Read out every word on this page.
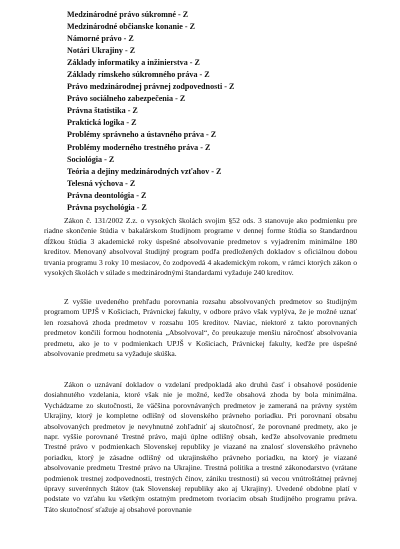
Medzinárodné právo súkromné - Z
Medzinárodné občianske konanie - Z
Námorné právo - Z
Notári Ukrajiny - Z
Základy informatiky a inžinierstva - Z
Základy rímskeho súkromného práva - Z
Právo medzinárodnej právnej zodpovednosti - Z
Právo sociálneho zabezpečenia - Z
Právna štatistika - Z
Praktická logika - Z
Problémy správneho a ústavného práva - Z
Problémy moderného trestného práva - Z
Sociológia - Z
Teória a dejiny medzinárodných vzťahov - Z
Telesná výchova - Z
Právna deontológia - Z
Právna psychológia - Z

Zákon č. 131/2002 Z.z. o vysokých školách svojim §52 ods. 3 stanovuje ako podmienku pre riadne skončenie štúdia v bakalárskom študijnom programe v dennej forme štúdia so štandardnou dĺžkou štúdia 3 akademické roky úspešné absolvovanie predmetov s vyjadrením minimálne 180 kreditov. Menovaný absolvoval študijný program podľa predložených dokladov s oficiálnou dobou trvania programu 3 roky 10 mesiacov, čo zodpovedá 4 akademickým rokom, v rámci ktorých zákon o vysokých školách v súlade s medzinárodnými štandardami vyžaduje 240 kreditov.

Z vyššie uvedeného prehľadu porovnania rozsahu absolvovaných predmetov so študijným programom UPJŠ v Košiciach, Právnickej fakulty, v odbore právo však vyplýva, že je možné uznať len rozsahová zhoda predmetov v rozsahu 105 kreditov. Naviac, niektoré z takto porovnaných predmetov končili formou hodnotenia „Absolvoval“, čo preukazuje menšiu náročnosť absolvovania predmetu, ako je to v podmienkach UPJŠ v Košiciach, Právnickej fakulty, keďže pre úspešné absolvovanie predmetu sa vyžaduje skúška.

Zákon o uznávaní dokladov o vzdelaní predpokladá ako druhú časť i obsahové posúdenie dosiahnutého vzdelania, ktoré však nie je možné, keďže obsahová zhoda by bola minimálna. Vychádzame zo skutočnosti, že väčšina porovnávaných predmetov je zameraná na právny systém Ukrajiny, ktorý je kompletne odlišný od slovenského právneho poriadku. Pri porovnaní obsahu absolvovaných predmetov je nevyhnutné zohľadniť aj skutočnosť, že porovnané predmety, ako je napr. vyššie porovnané Trestné právo, majú úplne odlišný obsah, keďže absolvovanie predmetu Trestné právo v podmienkach Slovenskej republiky je viazané na znalosť slovenského právneho poriadku, ktorý je zásadne odlišný od ukrajinského právneho poriadku, na ktorý je viazané absolvovanie predmetu Trestné právo na Ukrajine. Trestná politika a trestné zákonodarstvo (vrátane podmienok trestnej zodpovednosti, trestných činov, zániku trestnosti) sú vecou vnútroštátnej právnej úpravy suverénnych štátov (tak Slovenskej republiky ako aj Ukrajiny). Uvedené obdobne platí v podstate vo vzťahu ku všetkým ostatným predmetom tvoriacim obsah študijného programu práva. Táto skutočnosť sťažuje aj obsahové porovnanie
